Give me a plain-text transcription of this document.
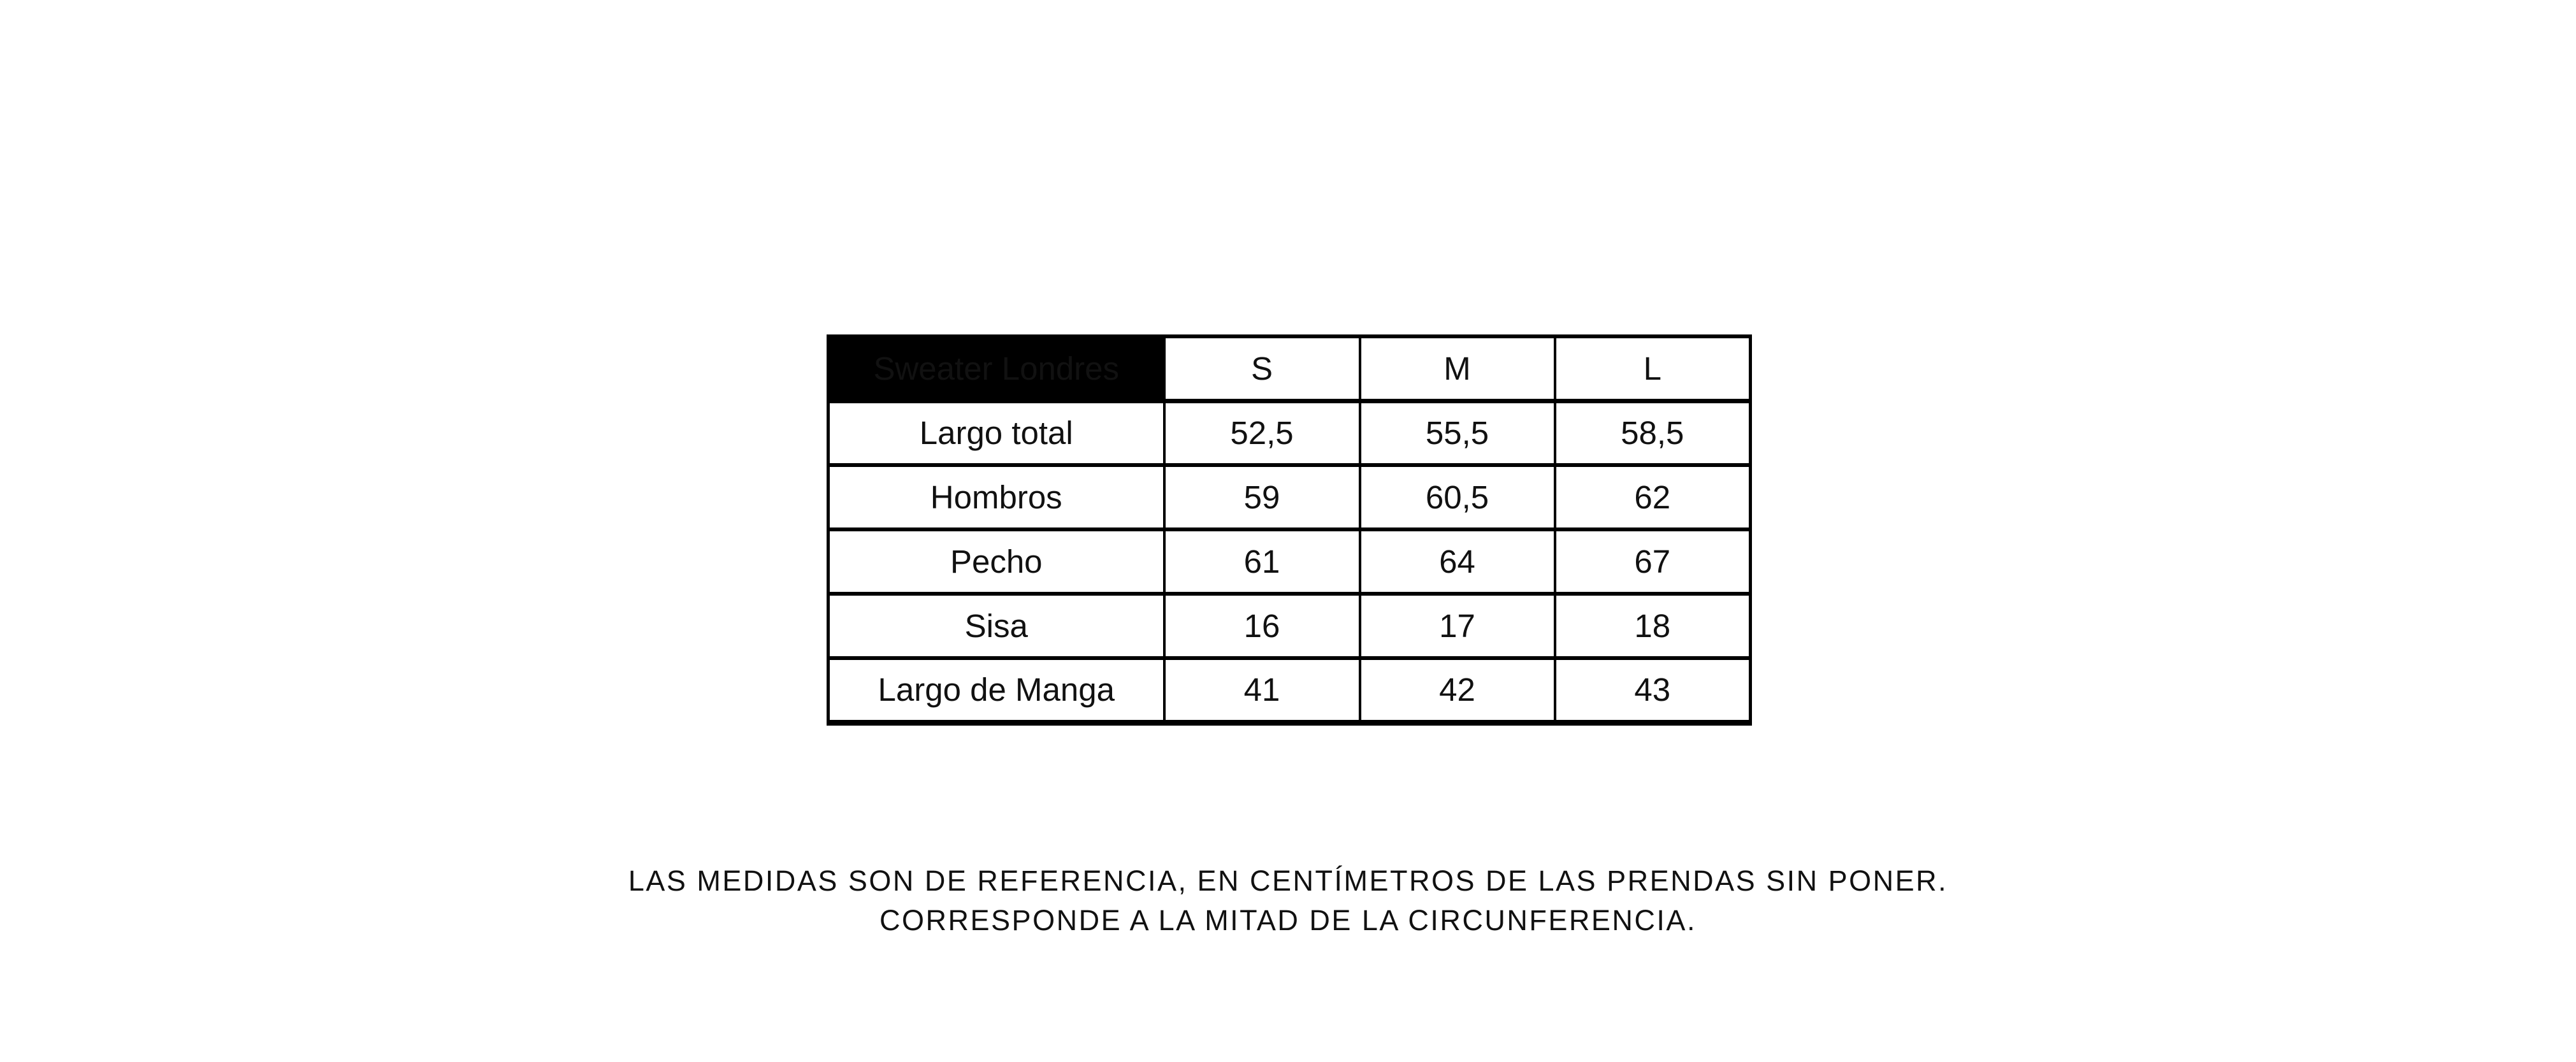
Sweater Londres	S	M	L
Largo total	52,5	55,5	58,5
Hombros	59	60,5	62
Pecho	61	64	67
Sisa	16	17	18
Largo de Manga	41	42	43
LAS MEDIDAS SON DE REFERENCIA, EN CENTÍMETROS DE LAS PRENDAS SIN PONER.
CORRESPONDE A LA MITAD DE LA CIRCUNFERENCIA.
